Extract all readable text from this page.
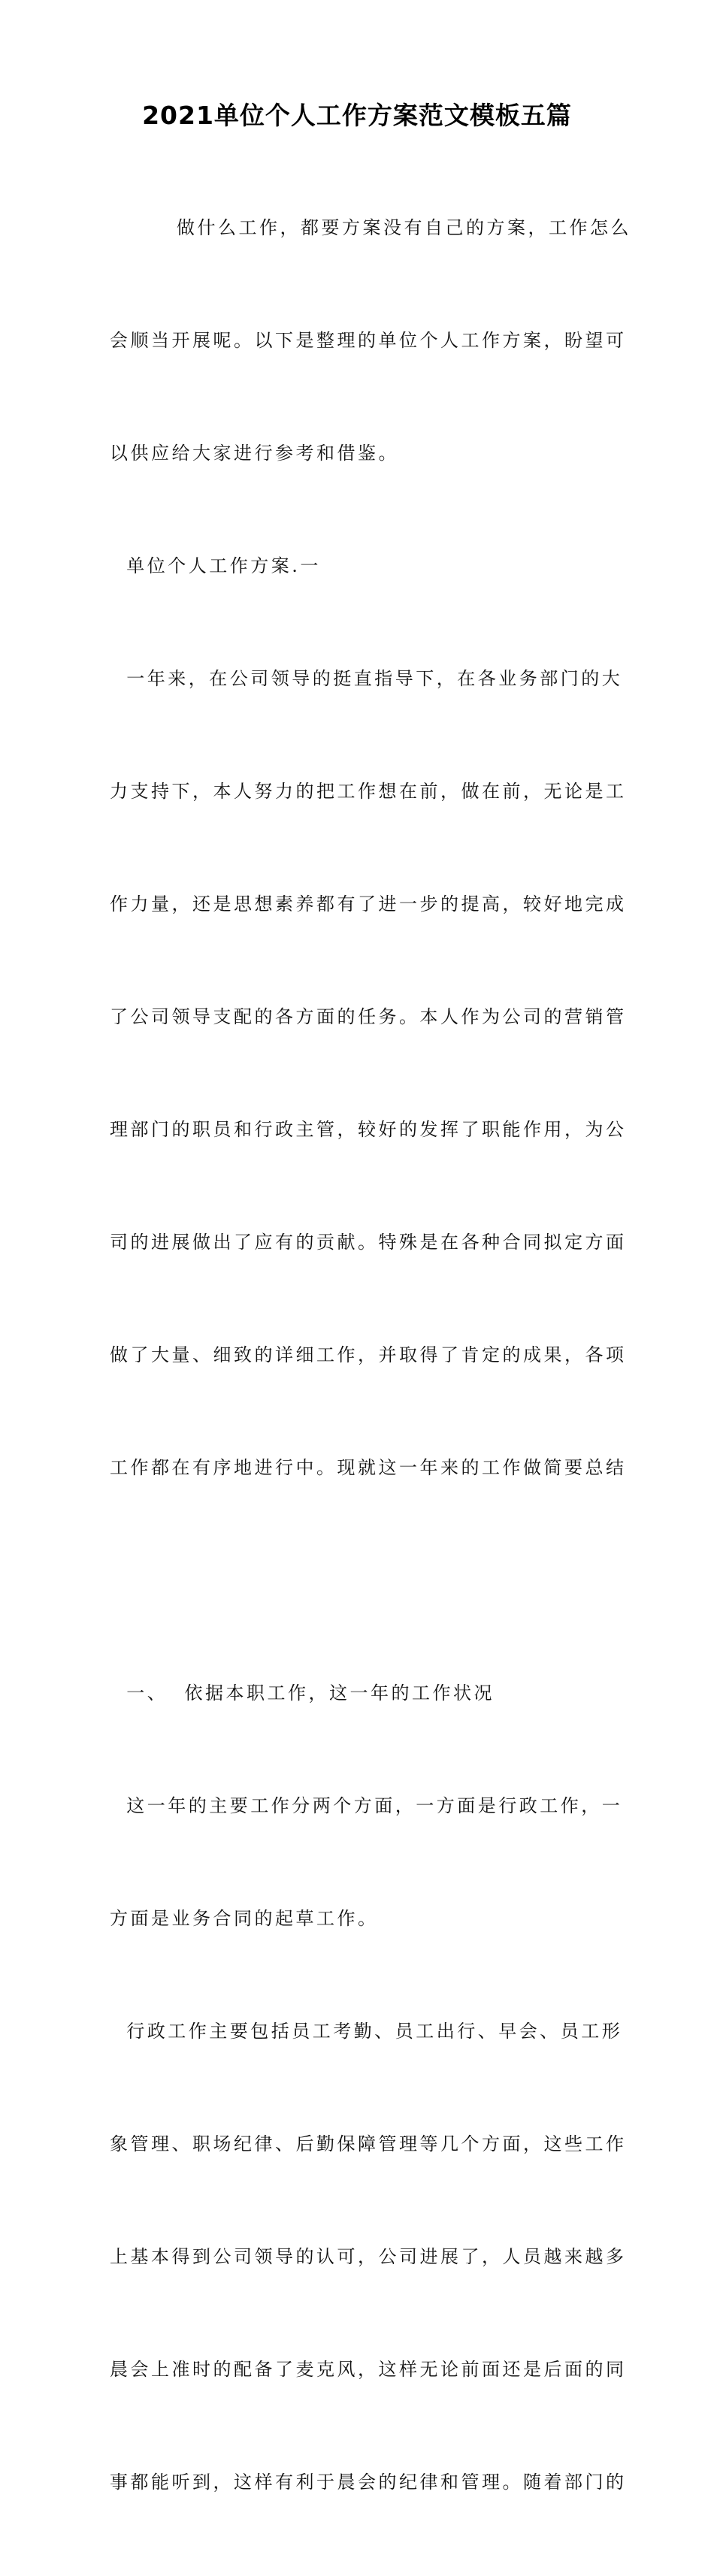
2021单位个人工作方案范文模板五篇

做什么工作，都要方案没有自己的方案，工作怎么

会顺当开展呢。以下是整理的单位个人工作方案，盼望可

以供应给大家进行参考和借鉴。

单位个人工作方案.一

一年来，在公司领导的挺直指导下，在各业务部门的大

力支持下，本人努力的把工作想在前，做在前，无论是工

作力量，还是思想素养都有了进一步的提高，较好地完成

了公司领导支配的各方面的任务。本人作为公司的营销管

理部门的职员和行政主管，较好的发挥了职能作用，为公

司的进展做出了应有的贡献。特殊是在各种合同拟定方面

做了大量、细致的详细工作，并取得了肯定的成果，各项

工作都在有序地进行中。现就这一年来的工作做简要总结

一、  依据本职工作，这一年的工作状况

这一年的主要工作分两个方面，一方面是行政工作，一

方面是业务合同的起草工作。

行政工作主要包括员工考勤、员工出行、早会、员工形

象管理、职场纪律、后勤保障管理等几个方面，这些工作

上基本得到公司领导的认可，公司进展了，人员越来越多

晨会上准时的配备了麦克风，这样无论前面还是后面的同

事都能听到，这样有利于晨会的纪律和管理。随着部门的
